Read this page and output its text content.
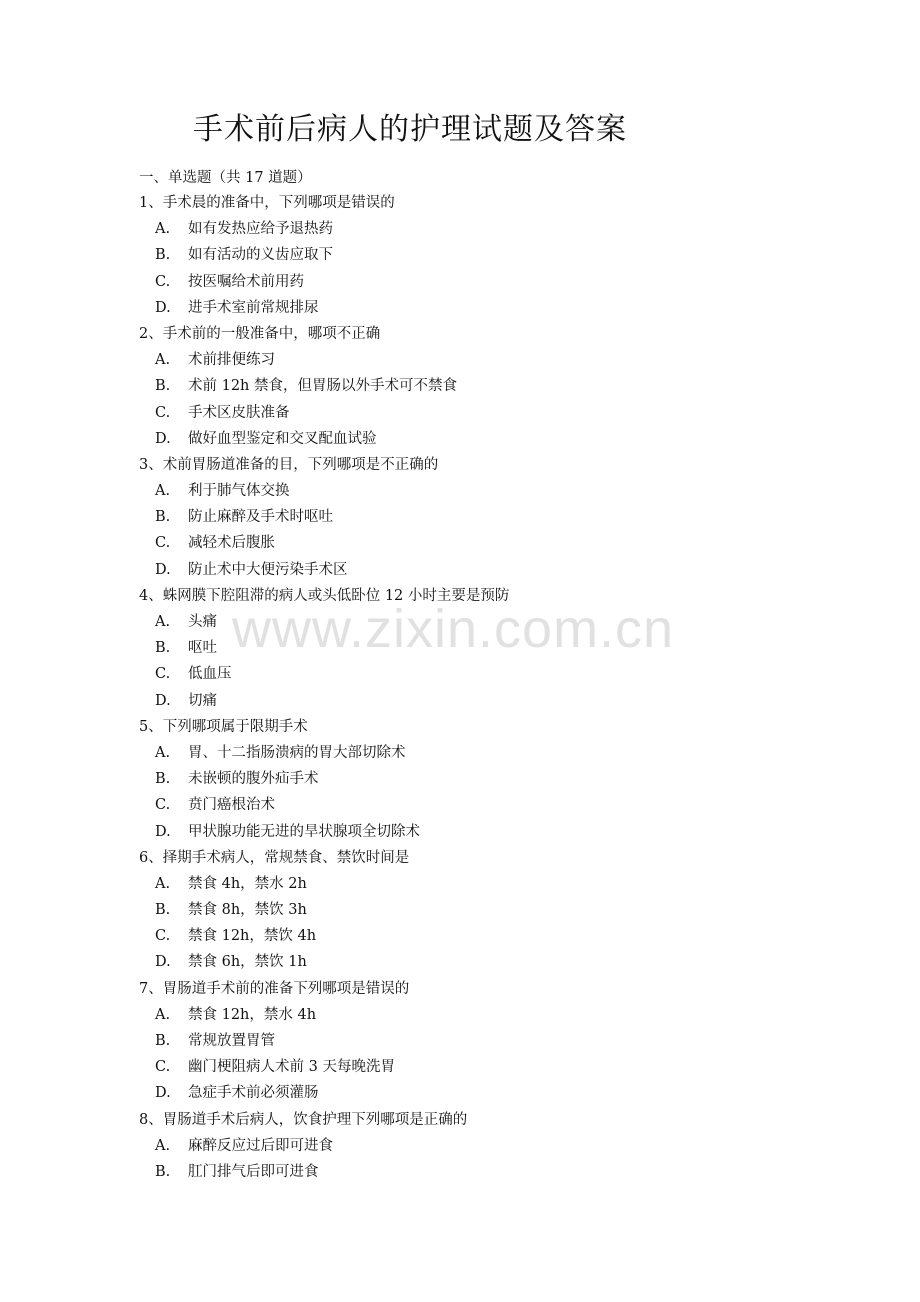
手术前后病人的护理试题及答案
一、单选题（共 17 道题）
1、手术晨的准备中，下列哪项是错误的
A. 如有发热应给予退热药
B. 如有活动的义齿应取下
C. 按医嘱给术前用药
D. 进手术室前常规排尿
2、手术前的一般准备中，哪项不正确
A. 术前排便练习
B. 术前 12h 禁食，但胃肠以外手术可不禁食
C. 手术区皮肤准备
D. 做好血型鉴定和交叉配血试验
3、术前胃肠道准备的目，下列哪项是不正确的
A. 利于肺气体交换
B. 防止麻醉及手术时呕吐
C. 减轻术后腹胀
D. 防止术中大便污染手术区
4、蛛网膜下腔阻滞的病人或头低卧位 12 小时主要是预防
A. 头痛
B. 呕吐
C. 低血压
D. 切痛
5、下列哪项属于限期手术
A. 胃、十二指肠溃病的胃大部切除术
B. 未嵌顿的腹外疝手术
C. 贲门癌根治术
D. 甲状腺功能无进的旱状腺项全切除术
6、择期手术病人，常规禁食、禁饮时间是
A. 禁食 4h，禁水 2h
B. 禁食 8h，禁饮 3h
C. 禁食 12h，禁饮 4h
D. 禁食 6h，禁饮 1h
7、胃肠道手术前的准备下列哪项是错误的
A. 禁食 12h，禁水 4h
B. 常规放置胃管
C. 幽门梗阻病人术前 3 天每晚洗胃
D. 急症手术前必须灌肠
8、胃肠道手术后病人，饮食护理下列哪项是正确的
A. 麻醉反应过后即可进食
B. 肛门排气后即可进食
www.zixin.com.cn
